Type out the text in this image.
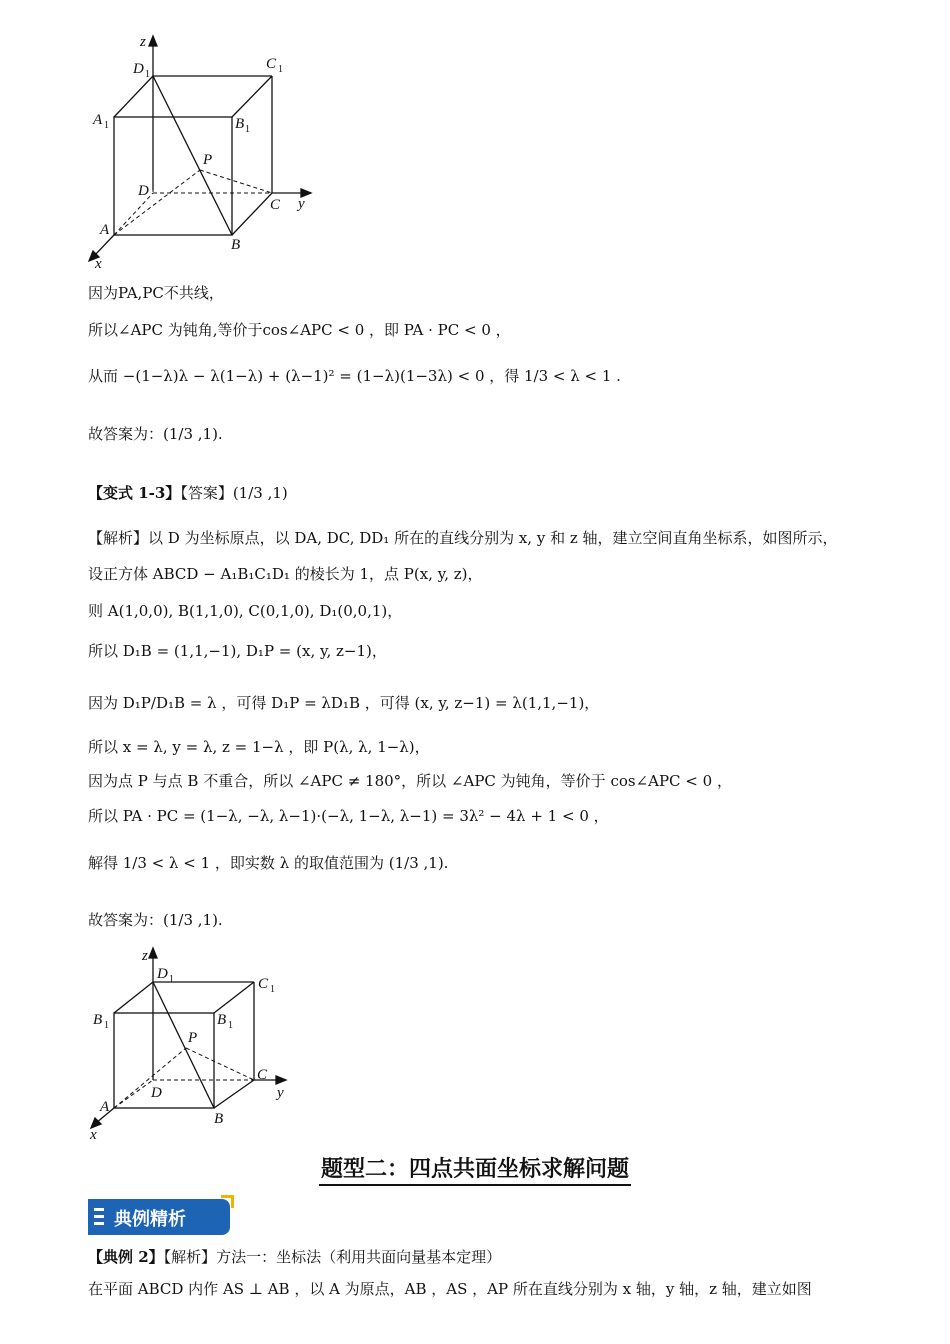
z
D 1
C 1
A 1	B 1
P
D
C y
A
B
x
因为PA,PC不共线，
所以∠APC 为钝角,等价于cos∠APC < 0 ，即 PA · PC < 0 ，
从而 −(1−λ)λ − λ(1−λ) + (λ−1)² = (1−λ)(1−3λ) < 0 ，得 1/3 < λ < 1 .
故答案为：(1/3 ,1).
【变式 1-3】【答案】(1/3 ,1)
【解析】以 D 为坐标原点，以 DA, DC, DD₁ 所在的直线分别为 x, y 和 z 轴，建立空间直角坐标系，如图所示，
设正方体 ABCD − A₁B₁C₁D₁ 的棱长为 1，点 P(x, y, z)，
则 A(1,0,0), B(1,1,0), C(0,1,0), D₁(0,0,1)，
所以 D₁B = (1,1,−1), D₁P = (x, y, z−1)，
因为 D₁P/D₁B = λ ，可得 D₁P = λD₁B ，可得 (x, y, z−1) = λ(1,1,−1)，
所以 x = λ, y = λ, z = 1−λ ，即 P(λ, λ, 1−λ)，
因为点 P 与点 B 不重合，所以 ∠APC ≠ 180°，所以 ∠APC 为钝角，等价于 cos∠APC < 0 ，
所以 PA · PC = (1−λ, −λ, λ−1)·(−λ, 1−λ, λ−1) = 3λ² − 4λ + 1 < 0 ，
解得 1/3 < λ < 1 ，即实数 λ 的取值范围为 (1/3 ,1).
故答案为：(1/3 ,1).
z
D 1	C 1
B 1	B 1
P
C
D	y
A
B
x
题型二：四点共面坐标求解问题
典例精析
【典例 2】【解析】方法一：坐标法（利用共面向量基本定理）
在平面 ABCD 内作 AS ⊥ AB ，以 A 为原点，AB ，AS ，AP 所在直线分别为 x 轴，y 轴，z 轴，建立如图
